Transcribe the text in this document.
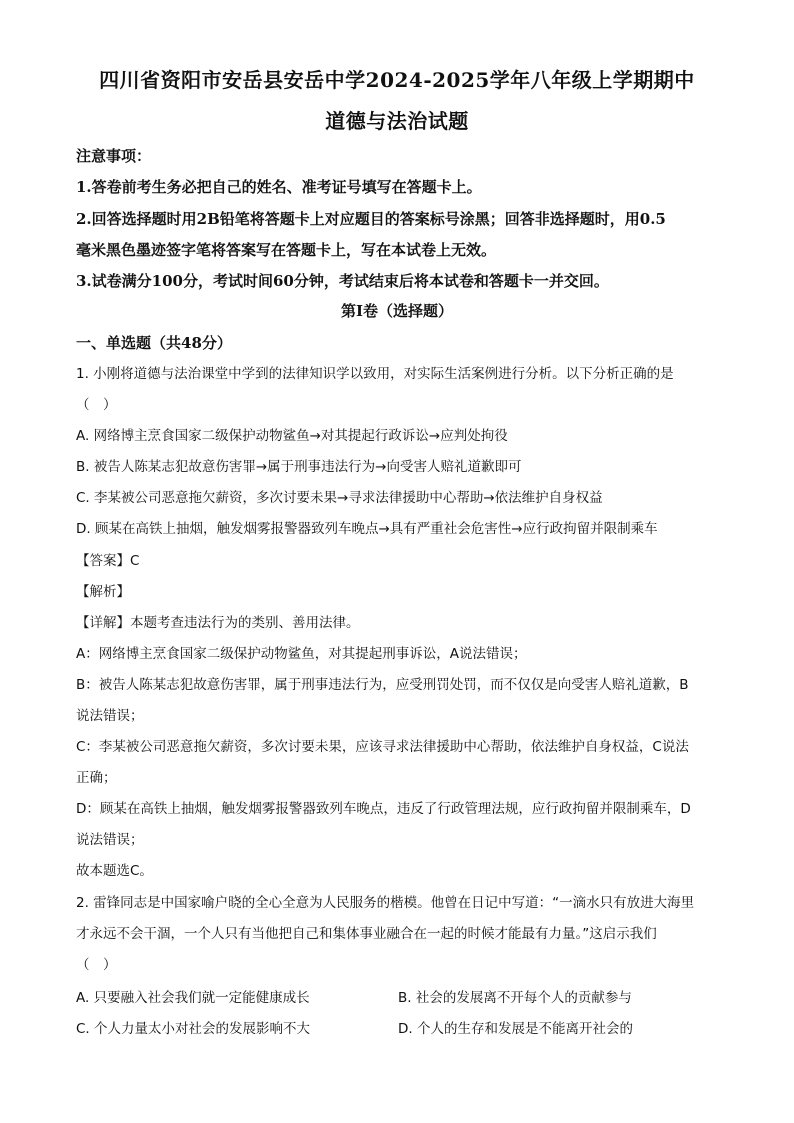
四川省资阳市安岳县安岳中学2024-2025学年八年级上学期期中
道德与法治试题
注意事项：
1.答卷前考生务必把自己的姓名、准考证号填写在答题卡上。
2.回答选择题时用2B铅笔将答题卡上对应题目的答案标号涂黑；回答非选择题时，用0.5
毫米黑色墨迹签字笔将答案写在答题卡上，写在本试卷上无效。
3.试卷满分100分，考试时间60分钟，考试结束后将本试卷和答题卡一并交回。
第I卷（选择题）
一、单选题（共48分）
1. 小刚将道德与法治课堂中学到的法律知识学以致用，对实际生活案例进行分析。以下分析正确的是
（　）
A. 网络博主烹食国家二级保护动物鲨鱼→对其提起行政诉讼→应判处拘役
B. 被告人陈某志犯故意伤害罪→属于刑事违法行为→向受害人赔礼道歉即可
C. 李某被公司恶意拖欠薪资，多次讨要未果→寻求法律援助中心帮助→依法维护自身权益
D. 顾某在高铁上抽烟，触发烟雾报警器致列车晚点→具有严重社会危害性→应行政拘留并限制乘车
【答案】C
【解析】
【详解】本题考查违法行为的类别、善用法律。
A：网络博主烹食国家二级保护动物鲨鱼，对其提起刑事诉讼，A说法错误；
B：被告人陈某志犯故意伤害罪，属于刑事违法行为，应受刑罚处罚，而不仅仅是向受害人赔礼道歉，B
说法错误；
C：李某被公司恶意拖欠薪资，多次讨要未果，应该寻求法律援助中心帮助，依法维护自身权益，C说法
正确；
D：顾某在高铁上抽烟，触发烟雾报警器致列车晚点，违反了行政管理法规，应行政拘留并限制乘车，D
说法错误；
故本题选C。
2. 雷锋同志是中国家喻户晓的全心全意为人民服务的楷模。他曾在日记中写道：“一滴水只有放进大海里
才永远不会干涸，一个人只有当他把自己和集体事业融合在一起的时候才能最有力量。”这启示我们
（　）
A. 只要融入社会我们就一定能健康成长	B. 社会的发展离不开每个人的贡献参与
C. 个人力量太小对社会的发展影响不大	D. 个人的生存和发展是不能离开社会的
